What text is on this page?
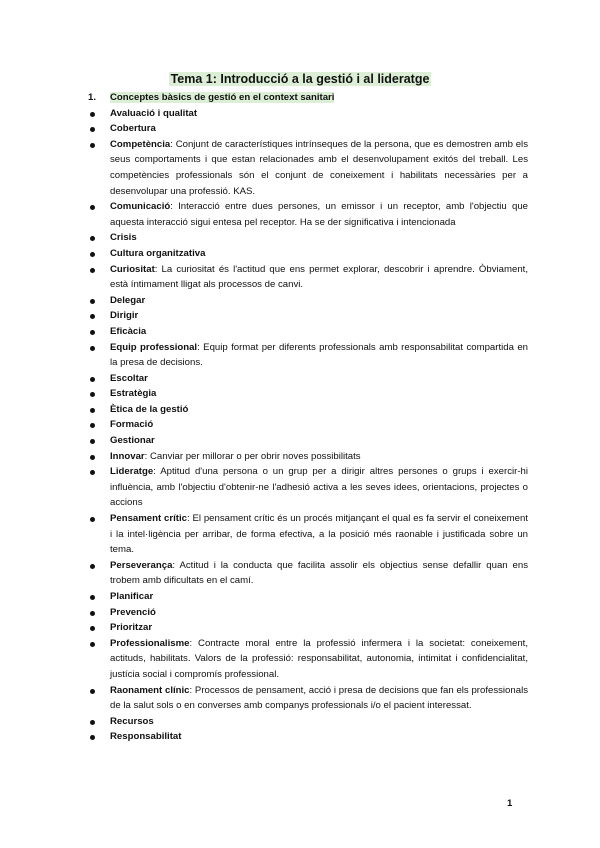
Tema 1: Introducció a la gestió i al lideratge
1. Conceptes bàsics de gestió en el context sanitari
Avaluació i qualitat
Cobertura
Competència: Conjunt de característiques intrínseques de la persona, que es demostren amb els seus comportaments i que estan relacionades amb el desenvolupament exitós del treball. Les competències professionals són el conjunt de coneixement i habilitats necessàries per a desenvolupar una professió. KAS.
Comunicació: Interacció entre dues persones, un emissor i un receptor, amb l'objectiu que aquesta interacció sigui entesa pel receptor. Ha se der significativa i intencionada
Crisis
Cultura organitzativa
Curiositat: La curiositat és l'actitud que ens permet explorar, descobrir i aprendre. Òbviament, està íntimament lligat als processos de canvi.
Delegar
Dirigir
Eficàcia
Equip professional: Equip format per diferents professionals amb responsabilitat compartida en la presa de decisions.
Escoltar
Estratègia
Ètica de la gestió
Formació
Gestionar
Innovar: Canviar per millorar o per obrir noves possibilitats
Lideratge: Aptitud d'una persona o un grup per a dirigir altres persones o grups i exercir-hi influència, amb l'objectiu d'obtenir-ne l'adhesió activa a les seves idees, orientacions, projectes o accions
Pensament crític: El pensament crític és un procés mitjançant el qual es fa servir el coneixement i la intel·ligència per arribar, de forma efectiva, a la posició més raonable i justificada sobre un tema.
Perseverança: Actitud i la conducta que facilita assolir els objectius sense defallir quan ens trobem amb dificultats en el camí.
Planificar
Prevenció
Prioritzar
Professionalisme: Contracte moral entre la professió infermera i la societat: coneixement, actituds, habilitats. Valors de la professió: responsabilitat, autonomia, intimitat i confidencialitat, justícia social i compromís professional.
Raonament clínic: Processos de pensament, acció i presa de decisions que fan els professionals de la salut sols o en converses amb companys professionals i/o el pacient interessat.
Recursos
Responsabilitat
1
